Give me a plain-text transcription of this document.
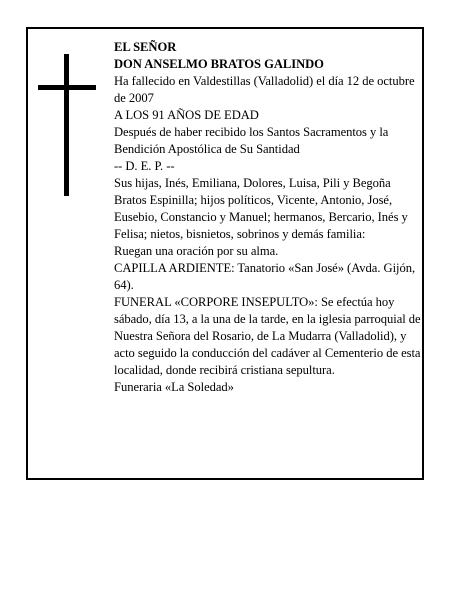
EL SEÑOR

DON ANSELMO BRATOS GALINDO

Ha fallecido en Valdestillas (Valladolid) el día 12 de octubre de 2007

A LOS 91 AÑOS DE EDAD

Después de haber recibido los Santos Sacramentos y la Bendición Apostólica de Su Santidad

-- D. E. P. --

Sus hijas, Inés, Emiliana, Dolores, Luisa, Pili y Begoña Bratos Espinilla; hijos políticos, Vicente, Antonio, José, Eusebio, Constancio y Manuel; hermanos, Bercario, Inés y Felisa; nietos, bisnietos, sobrinos y demás familia:

Ruegan una oración por su alma.

CAPILLA ARDIENTE: Tanatorio «San José» (Avda. Gijón, 64).

FUNERAL «CORPORE INSEPULTO»: Se efectúa hoy sábado, día 13, a la una de la tarde, en la iglesia parroquial de Nuestra Señora del Rosario, de La Mudarra (Valladolid), y acto seguido la conducción del cadáver al Cementerio de esta localidad, donde recibirá cristiana sepultura.

Funeraria «La Soledad»
